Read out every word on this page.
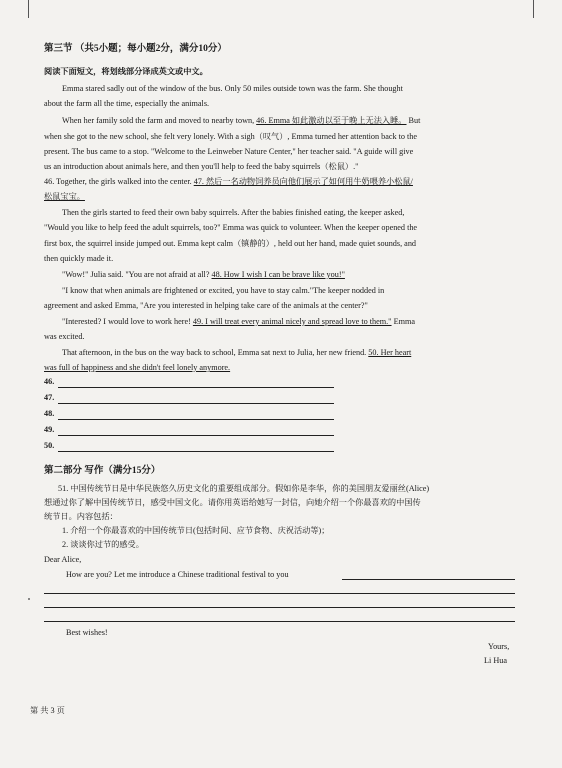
第三节 （共5小题；每小题2分，满分10分）
阅读下面短文，将划线部分译成英文或中文。
Emma stared sadly out of the window of the bus. Only 50 miles outside town was the farm. She thought
about the farm all the time, especially the animals.
When her family sold the farm and moved to nearby town, 46. Emma 如此激动以至于晚上无法入睡。 But
when she got to the new school, she felt very lonely. With a sigh（叹气）, Emma turned her attention back to the
present. The bus came to a stop. "Welcome to the Leinweber Nature Center," her teacher said. "A guide will give
us an introduction about animals here, and then you'll help to feed the baby squirrels（松鼠）."
46. Together, the girls walked into the center. 47. 然后一名动物饲养员向他们展示了如何用牛奶喂养小松鼠/
松鼠宝宝。
Then the girls started to feed their own baby squirrels. After the babies finished eating, the keeper asked,
"Would you like to help feed the adult squirrels, too?" Emma was quick to volunteer. When the keeper opened the
first box, the squirrel inside jumped out. Emma kept calm（镇静的）, held out her hand, made quiet sounds, and
then quickly made it.
"Wow!" Julia said. "You are not afraid at all? 48. How I wish I can be brave like you!"
"I know that when animals are frightened or excited, you have to stay calm."The keeper nodded in
agreement and asked Emma, "Are you interested in helping take care of the animals at the center?"
"Interested? I would love to work here! 49. I will treat every animal nicely and spread love to them." Emma
was excited.
That afternoon, in the bus on the way back to school, Emma sat next to Julia, her new friend. 50. Her heart
was full of happiness and she didn't feel lonely anymore.
46.
47.
48.
49.
50.
第二部分 写作（满分15分）
51. 中国传统节日是中华民族悠久历史文化的重要组成部分。假如你是李华，你的美国朋友爱丽丝(Alice)
想通过你了解中国传统节日，感受中国文化。请你用英语给她写一封信，向她介绍一个你最喜欢的中国传
统节日。内容包括：
1. 介绍一个你最喜欢的中国传统节日(包括时间、应节食物、庆祝活动等)；
2. 谈谈你过节的感受。
Dear Alice,
How are you? Let me introduce a Chinese traditional festival to you
Best wishes!
Yours,
Li Hua
第 共 3 页
